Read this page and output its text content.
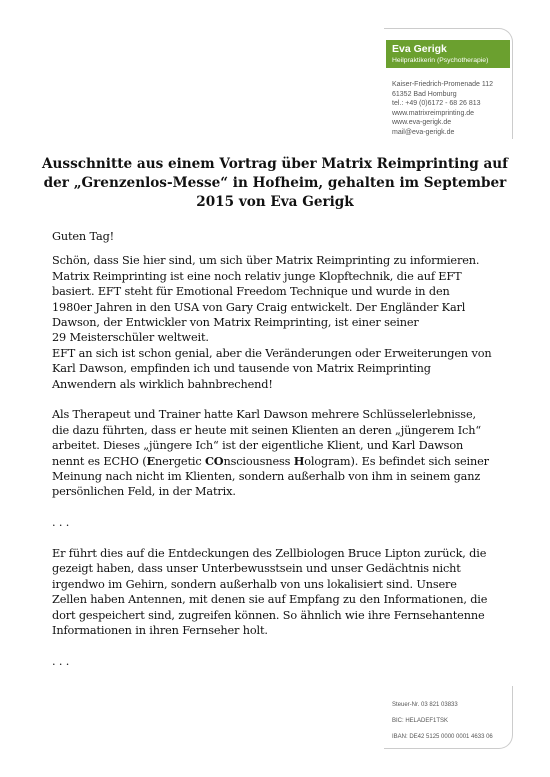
Eva Gerigk
Heilpraktikerin (Psychotherapie)
Kaiser-Friedrich-Promenade 112
61352 Bad Homburg
tel.: +49 (0)6172 - 68 26 813
www.matrixreimprinting.de
www.eva-gerigk.de
mail@eva-gerigk.de
Ausschnitte aus einem Vortrag über Matrix Reimprinting auf
der „Grenzenlos-Messe“ in Hofheim, gehalten im September
2015 von Eva Gerigk

Guten Tag!

Schön, dass Sie hier sind, um sich über Matrix Reimprinting zu informieren.

Matrix Reimprinting ist eine noch relativ junge Klopftechnik, die auf EFT

basiert. EFT steht für Emotional Freedom Technique und wurde in den

1980er Jahren in den USA von Gary Craig entwickelt. Der Engländer Karl

Dawson, der Entwickler von Matrix Reimprinting, ist einer seiner

29 Meisterschüler weltweit.

EFT an sich ist schon genial, aber die Veränderungen oder Erweiterungen von

Karl Dawson, empfinden ich und tausende von Matrix Reimprinting

Anwendern als wirklich bahnbrechend!

Als Therapeut und Trainer hatte Karl Dawson mehrere Schlüsselerlebnisse,

die dazu führten, dass er heute mit seinen Klienten an deren „jüngerem Ich“

arbeitet. Dieses „jüngere Ich“ ist der eigentliche Klient, und Karl Dawson

nennt es ECHO (Energetic COnsciousness Hologram). Es befindet sich seiner

Meinung nach nicht im Klienten, sondern außerhalb von ihm in seinem ganz

persönlichen Feld, in der Matrix.

. . .

Er führt dies auf die Entdeckungen des Zellbiologen Bruce Lipton zurück, die

gezeigt haben, dass unser Unterbewusstsein und unser Gedächtnis nicht

irgendwo im Gehirn, sondern außerhalb von uns lokalisiert sind. Unsere

Zellen haben Antennen, mit denen sie auf Empfang zu den Informationen, die

dort gespeichert sind, zugreifen können. So ähnlich wie ihre Fernsehantenne

Informationen in ihren Fernseher holt.

. . .

Steuer-Nr. 03 821 03833
BIC: HELADEF1TSK
IBAN: DE42 5125 0000 0001 4633 06
